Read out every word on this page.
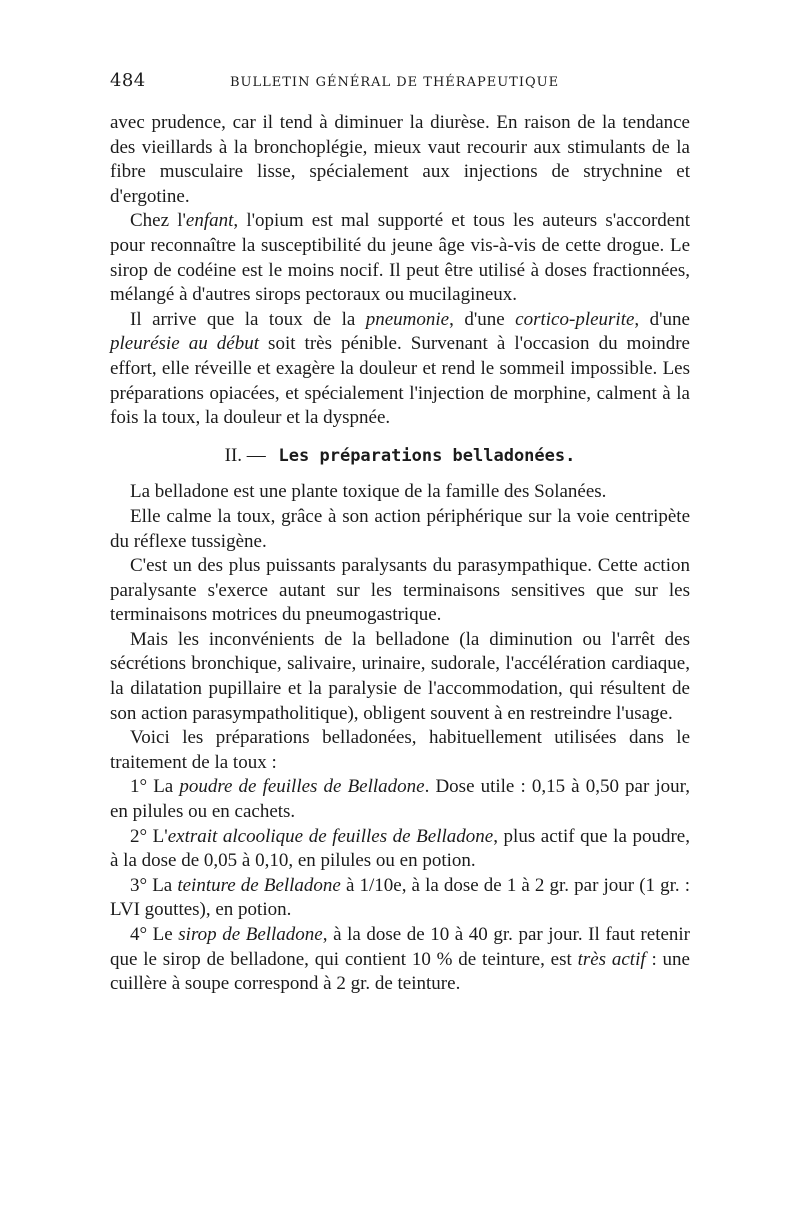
484	BULLETIN GÉNÉRAL DE THÉRAPEUTIQUE

avec prudence, car il tend à diminuer la diurèse. En raison de la tendance des vieillards à la bronchoplégie, mieux vaut recourir aux stimulants de la fibre musculaire lisse, spécialement aux injections de strychnine et d'ergotine.

Chez l'enfant, l'opium est mal supporté et tous les auteurs s'accordent pour reconnaître la susceptibilité du jeune âge vis-à-vis de cette drogue. Le sirop de codéine est le moins nocif. Il peut être utilisé à doses fractionnées, mélangé à d'autres sirops pectoraux ou mucilagineux.

Il arrive que la toux de la pneumonie, d'une cortico-pleurite, d'une pleurésie au début soit très pénible. Survenant à l'occasion du moindre effort, elle réveille et exagère la douleur et rend le sommeil impossible. Les préparations opiacées, et spécialement l'injection de morphine, calment à la fois la toux, la douleur et la dyspnée.

II. — Les préparations belladonées.

La belladone est une plante toxique de la famille des Solanées.

Elle calme la toux, grâce à son action périphérique sur la voie centripète du réflexe tussigène.

C'est un des plus puissants paralysants du parasympathique. Cette action paralysante s'exerce autant sur les terminaisons sensitives que sur les terminaisons motrices du pneumogastrique.

Mais les inconvénients de la belladone (la diminution ou l'arrêt des sécrétions bronchique, salivaire, urinaire, sudorale, l'accélération cardiaque, la dilatation pupillaire et la paralysie de l'accommodation, qui résultent de son action parasympatholitique), obligent souvent à en restreindre l'usage.

Voici les préparations belladonées, habituellement utilisées dans le traitement de la toux :

1° La poudre de feuilles de Belladone. Dose utile : 0,15 à 0,50 par jour, en pilules ou en cachets.

2° L'extrait alcoolique de feuilles de Belladone, plus actif que la poudre, à la dose de 0,05 à 0,10, en pilules ou en potion.

3° La teinture de Belladone à 1/10e, à la dose de 1 à 2 gr. par jour (1 gr. : LVI gouttes), en potion.

4° Le sirop de Belladone, à la dose de 10 à 40 gr. par jour. Il faut retenir que le sirop de belladone, qui contient 10 % de teinture, est très actif : une cuillère à soupe correspond à 2 gr. de teinture.
